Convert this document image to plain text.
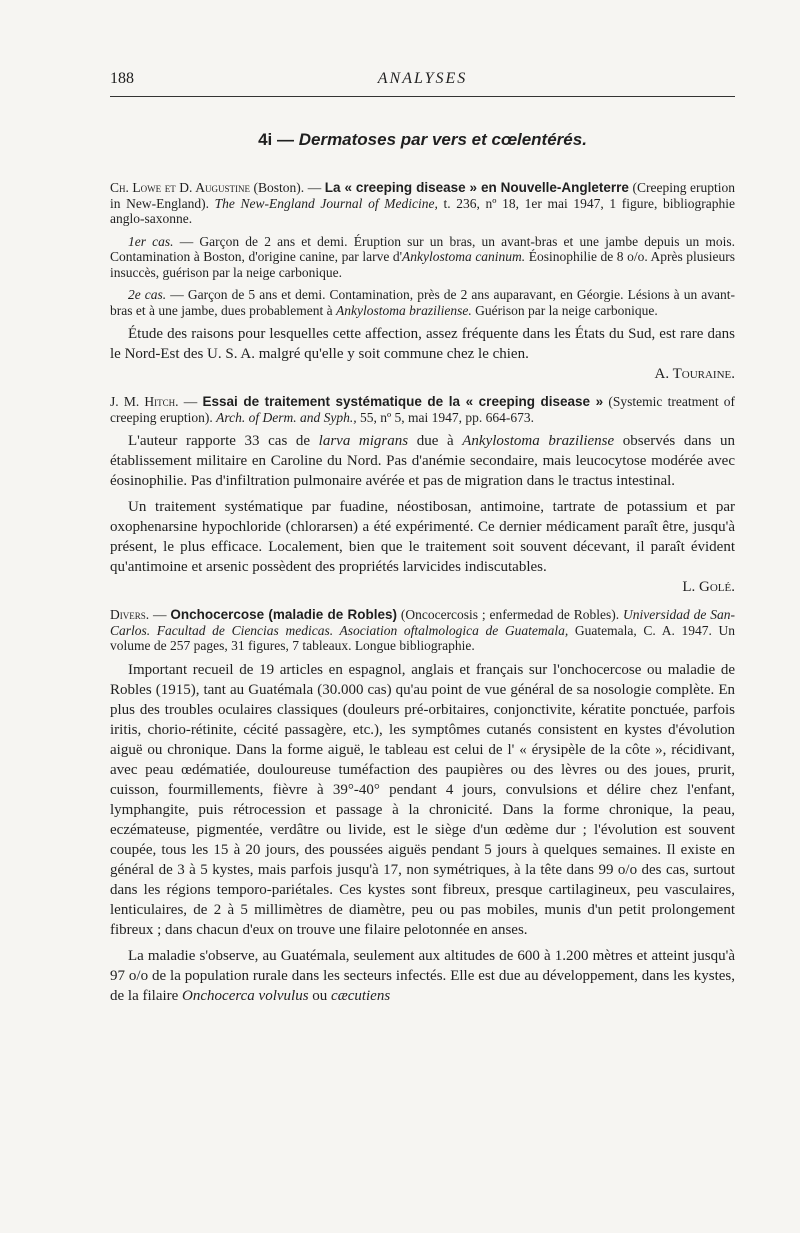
188	ANALYSES
4i — Dermatoses par vers et cœlentérés.

Ch. Lowe et D. Augustine (Boston). — La « creeping disease » en Nouvelle-Angleterre (Creeping eruption in New-England). The New-England Journal of Medicine, t. 236, nº 18, 1er mai 1947, 1 figure, bibliographie anglo-saxonne.

1er cas. — Garçon de 2 ans et demi. Éruption sur un bras, un avant-bras et une jambe depuis un mois. Contamination à Boston, d'origine canine, par larve d'Ankylostoma caninum. Éosinophilie de 8 o/o. Après plusieurs insuccès, guérison par la neige carbonique.

2e cas. — Garçon de 5 ans et demi. Contamination, près de 2 ans auparavant, en Géorgie. Lésions à un avant-bras et à une jambe, dues probablement à Ankylostoma braziliense. Guérison par la neige carbonique.

Étude des raisons pour lesquelles cette affection, assez fréquente dans les États du Sud, est rare dans le Nord-Est des U. S. A. malgré qu'elle y soit commune chez le chien.

A. Touraine.

J. M. Hitch. — Essai de traitement systématique de la « creeping disease » (Systemic treatment of creeping eruption). Arch. of Derm. and Syph., 55, nº 5, mai 1947, pp. 664-673.

L'auteur rapporte 33 cas de larva migrans due à Ankylostoma braziliense observés dans un établissement militaire en Caroline du Nord. Pas d'anémie secondaire, mais leucocytose modérée avec éosinophilie. Pas d'infiltration pulmonaire avérée et pas de migration dans le tractus intestinal.

Un traitement systématique par fuadine, néostibosan, antimoine, tartrate de potassium et par oxophenarsine hypochloride (chlorarsen) a été expérimenté. Ce dernier médicament paraît être, jusqu'à présent, le plus efficace. Localement, bien que le traitement soit souvent décevant, il paraît évident qu'antimoine et arsenic possèdent des propriétés larvicides indiscutables.

L. Golé.

Divers. — Onchocercose (maladie de Robles) (Oncocercosis ; enfermedad de Robles). Universidad de San-Carlos. Facultad de Ciencias medicas. Asociation oftalmologica de Guatemala, Guatemala, C. A. 1947. Un volume de 257 pages, 31 figures, 7 tableaux. Longue bibliographie.

Important recueil de 19 articles en espagnol, anglais et français sur l'onchocercose ou maladie de Robles (1915), tant au Guatémala (30.000 cas) qu'au point de vue général de sa nosologie complète. En plus des troubles oculaires classiques (douleurs pré-orbitaires, conjonctivite, kératite ponctuée, parfois iritis, chorio-rétinite, cécité passagère, etc.), les symptômes cutanés consistent en kystes d'évolution aiguë ou chronique. Dans la forme aiguë, le tableau est celui de l' « érysipèle de la côte », récidivant, avec peau œdématiée, douloureuse tuméfaction des paupières ou des lèvres ou des joues, prurit, cuisson, fourmillements, fièvre à 39°-40° pendant 4 jours, convulsions et délire chez l'enfant, lymphangite, puis rétrocession et passage à la chronicité. Dans la forme chronique, la peau, eczémateuse, pigmentée, verdâtre ou livide, est le siège d'un œdème dur ; l'évolution est souvent coupée, tous les 15 à 20 jours, des poussées aiguës pendant 5 jours à quelques semaines. Il existe en général de 3 à 5 kystes, mais parfois jusqu'à 17, non symétriques, à la tête dans 99 o/o des cas, surtout dans les régions temporo-pariétales. Ces kystes sont fibreux, presque cartilagineux, peu vasculaires, lenticulaires, de 2 à 5 millimètres de diamètre, peu ou pas mobiles, munis d'un petit prolongement fibreux ; dans chacun d'eux on trouve une filaire pelotonnée en anses.

La maladie s'observe, au Guatémala, seulement aux altitudes de 600 à 1.200 mètres et atteint jusqu'à 97 o/o de la population rurale dans les secteurs infectés. Elle est due au développement, dans les kystes, de la filaire Onchocerca volvulus ou cæcutiens
